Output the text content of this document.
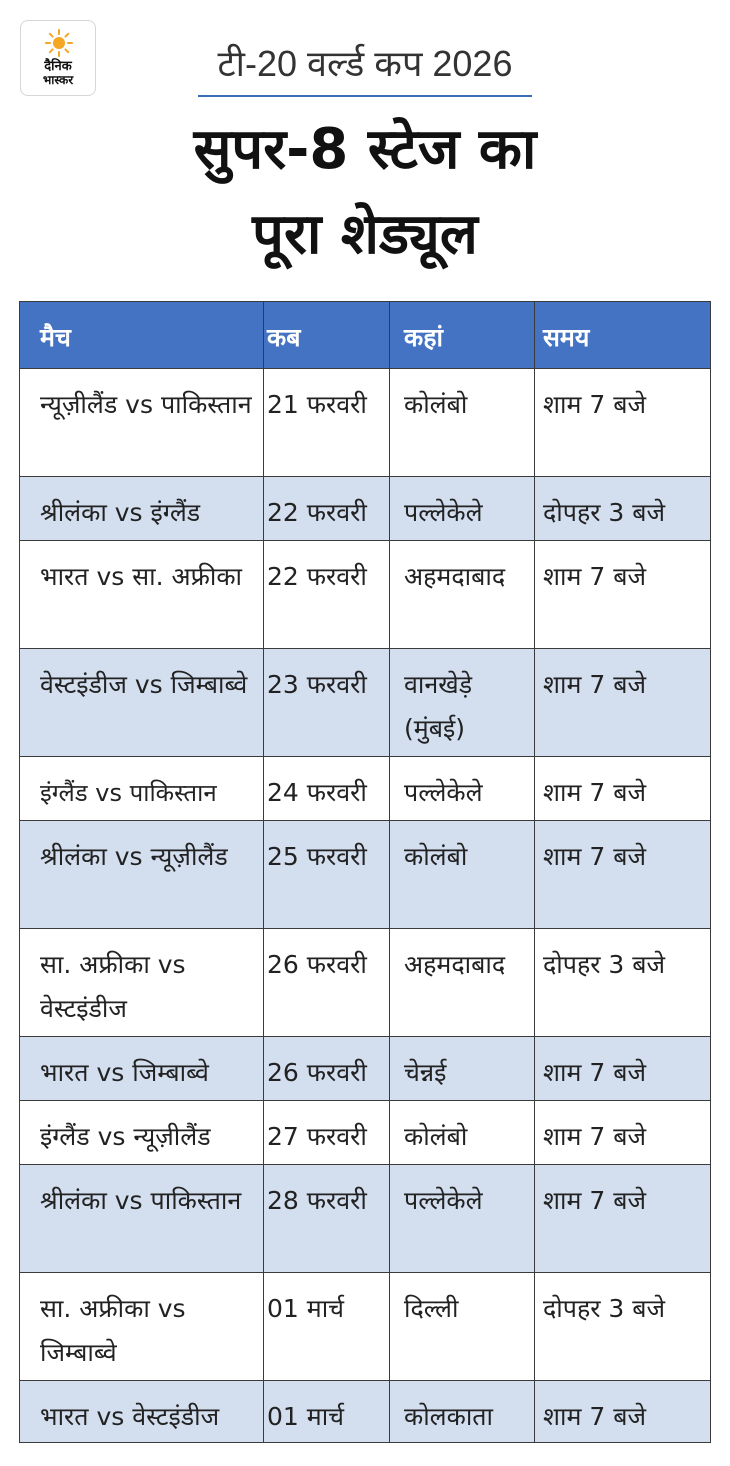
दैनिक
भास्कर	टी-20 वर्ल्ड कप 2026
सुपर-8 स्टेज का
पूरा शेड्यूल
मैच	कब	कहां	समय
न्यूज़ीलैंड vs पाकिस्तान	21 फरवरी	कोलंबो	शाम 7 बजे
श्रीलंका vs इंग्लैंड	22 फरवरी	पल्लेकेले	दोपहर 3 बजे
भारत vs सा. अफ्रीका	22 फरवरी	अहमदाबाद	शाम 7 बजे
वेस्टइंडीज vs जिम्बाब्वे	23 फरवरी	वानखेड़े (मुंबई)	शाम 7 बजे
इंग्लैंड vs पाकिस्तान	24 फरवरी	पल्लेकेले	शाम 7 बजे
श्रीलंका vs न्यूज़ीलैंड	25 फरवरी	कोलंबो	शाम 7 बजे
सा. अफ्रीका vs वेस्टइंडीज	26 फरवरी	अहमदाबाद	दोपहर 3 बजे
भारत vs जिम्बाब्वे	26 फरवरी	चेन्नई	शाम 7 बजे
इंग्लैंड vs न्यूज़ीलैंड	27 फरवरी	कोलंबो	शाम 7 बजे
श्रीलंका vs पाकिस्तान	28 फरवरी	पल्लेकेले	शाम 7 बजे
सा. अफ्रीका vs जिम्बाब्वे	01 मार्च	दिल्ली	दोपहर 3 बजे
भारत vs वेस्टइंडीज	01 मार्च	कोलकाता	शाम 7 बजे
